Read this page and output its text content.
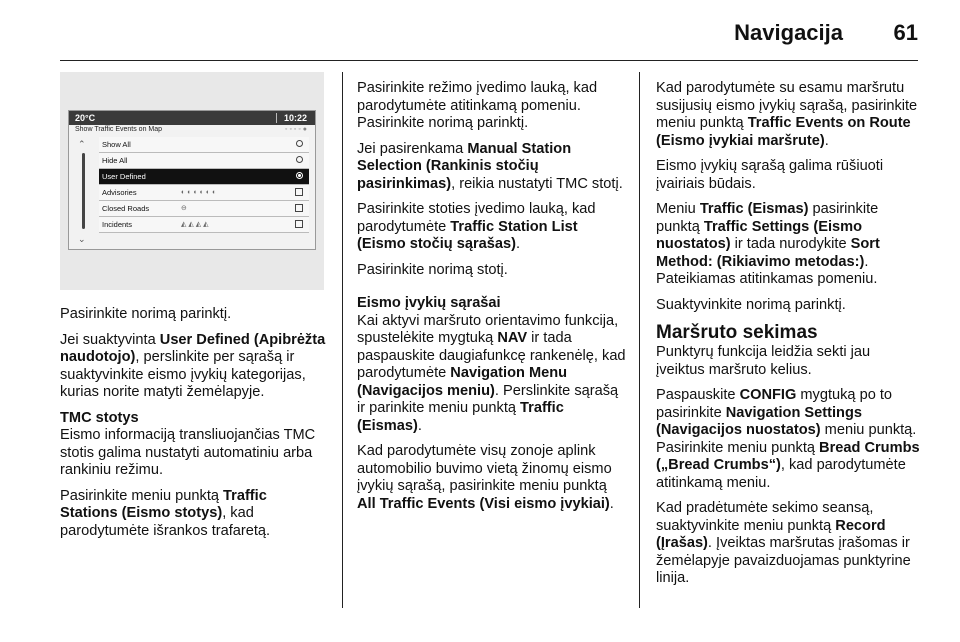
Navigacija 61
20°C	10:22
Show Traffic Events on Map	◦◦◦◦●
⌃
⌄
Show All
Hide All
User Defined
Advisories	◐◐◐◐◐◐
Closed Roads	⊖
Incidents	◭◭◭◭

Pasirinkite norimą parinktį.

Jei suaktyvinta User Defined (Apibrėžta naudotojo), perslinkite per sąrašą ir suaktyvinkite eismo įvykių kategorijas, kurias norite matyti žemėlapyje.

TMC stotys

Eismo informaciją transliuojančias TMC stotis galima nustatyti automatiniu arba rankiniu režimu.

Pasirinkite meniu punktą Traffic Stations (Eismo stotys), kad parodytumėte išrankos trafaretą.

Pasirinkite režimo įvedimo lauką, kad parodytumėte atitinkamą pomeniu. Pasirinkite norimą parinktį.

Jei pasirenkama Manual Station Selection (Rankinis stočių pasirinkimas), reikia nustatyti TMC stotį.

Pasirinkite stoties įvedimo lauką, kad parodytumėte Traffic Station List (Eismo stočių sąrašas).

Pasirinkite norimą stotį.

Eismo įvykių sąrašai

Kai aktyvi maršruto orientavimo funkcija, spustelėkite mygtuką NAV ir tada paspauskite daugiafunkcę rankenėlę, kad parodytumėte Navigation Menu (Navigacijos meniu). Perslinkite sąrašą ir parinkite meniu punktą Traffic (Eismas).

Kad parodytumėte visų zonoje aplink automobilio buvimo vietą žinomų eismo įvykių sąrašą, pasirinkite meniu punktą All Traffic Events (Visi eismo įvykiai).

Kad parodytumėte su esamu maršrutu susijusių eismo įvykių sąrašą, pasirinkite meniu punktą Traffic Events on Route (Eismo įvykiai maršrute).

Eismo įvykių sąrašą galima rūšiuoti įvairiais būdais.

Meniu Traffic (Eismas) pasirinkite punktą Traffic Settings (Eismo nuostatos) ir tada nurodykite Sort Method: (Rikiavimo metodas:). Pateikiamas atitinkamas pomeniu.

Suaktyvinkite norimą parinktį.

Maršruto sekimas

Punktyrų funkcija leidžia sekti jau įveiktus maršruto kelius.

Paspauskite CONFIG mygtuką po to pasirinkite Navigation Settings (Navigacijos nuostatos) meniu punktą. Pasirinkite meniu punktą Bread Crumbs („Bread Crumbs“), kad parodytumėte atitinkamą meniu.

Kad pradėtumėte sekimo seansą, suaktyvinkite meniu punktą Record (Įrašas). Įveiktas maršrutas įrašomas ir žemėlapyje pavaizduojamas punktyrine linija.
